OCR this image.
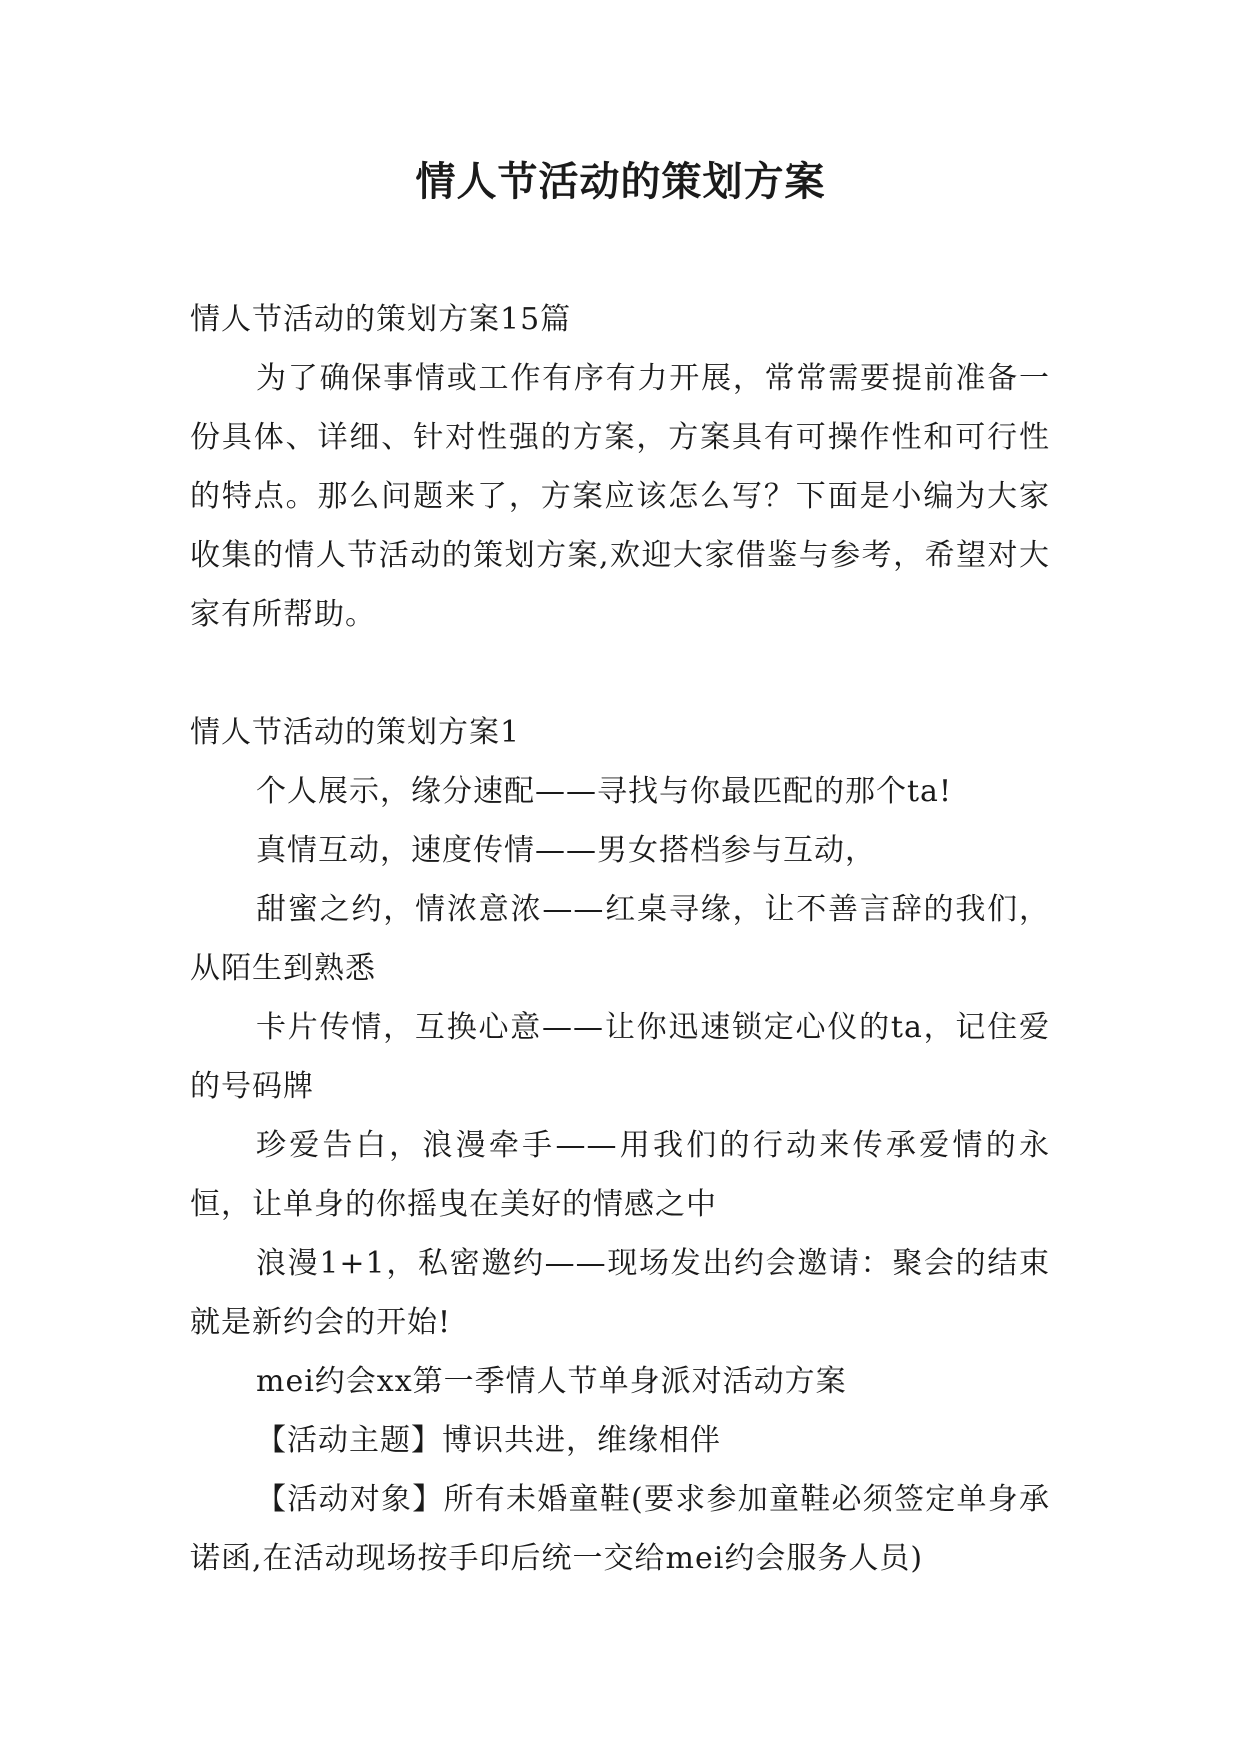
情人节活动的策划方案

情人节活动的策划方案15篇

为了确保事情或工作有序有力开展，常常需要提前准备一份具体、详细、针对性强的方案，方案具有可操作性和可行性的特点。那么问题来了，方案应该怎么写？下面是小编为大家收集的情人节活动的策划方案,欢迎大家借鉴与参考，希望对大家有所帮助。

情人节活动的策划方案1

个人展示，缘分速配——寻找与你最匹配的那个ta!

真情互动，速度传情——男女搭档参与互动，

甜蜜之约，情浓意浓——红桌寻缘，让不善言辞的我们，从陌生到熟悉

卡片传情，互换心意——让你迅速锁定心仪的ta，记住爱的号码牌

珍爱告白，浪漫牵手——用我们的行动来传承爱情的永恒，让单身的你摇曳在美好的情感之中

浪漫1+1，私密邀约——现场发出约会邀请：聚会的结束就是新约会的开始!

mei约会xx第一季情人节单身派对活动方案

【活动主题】博识共进，维缘相伴

【活动对象】所有未婚童鞋(要求参加童鞋必须签定单身承诺函,在活动现场按手印后统一交给mei约会服务人员)
